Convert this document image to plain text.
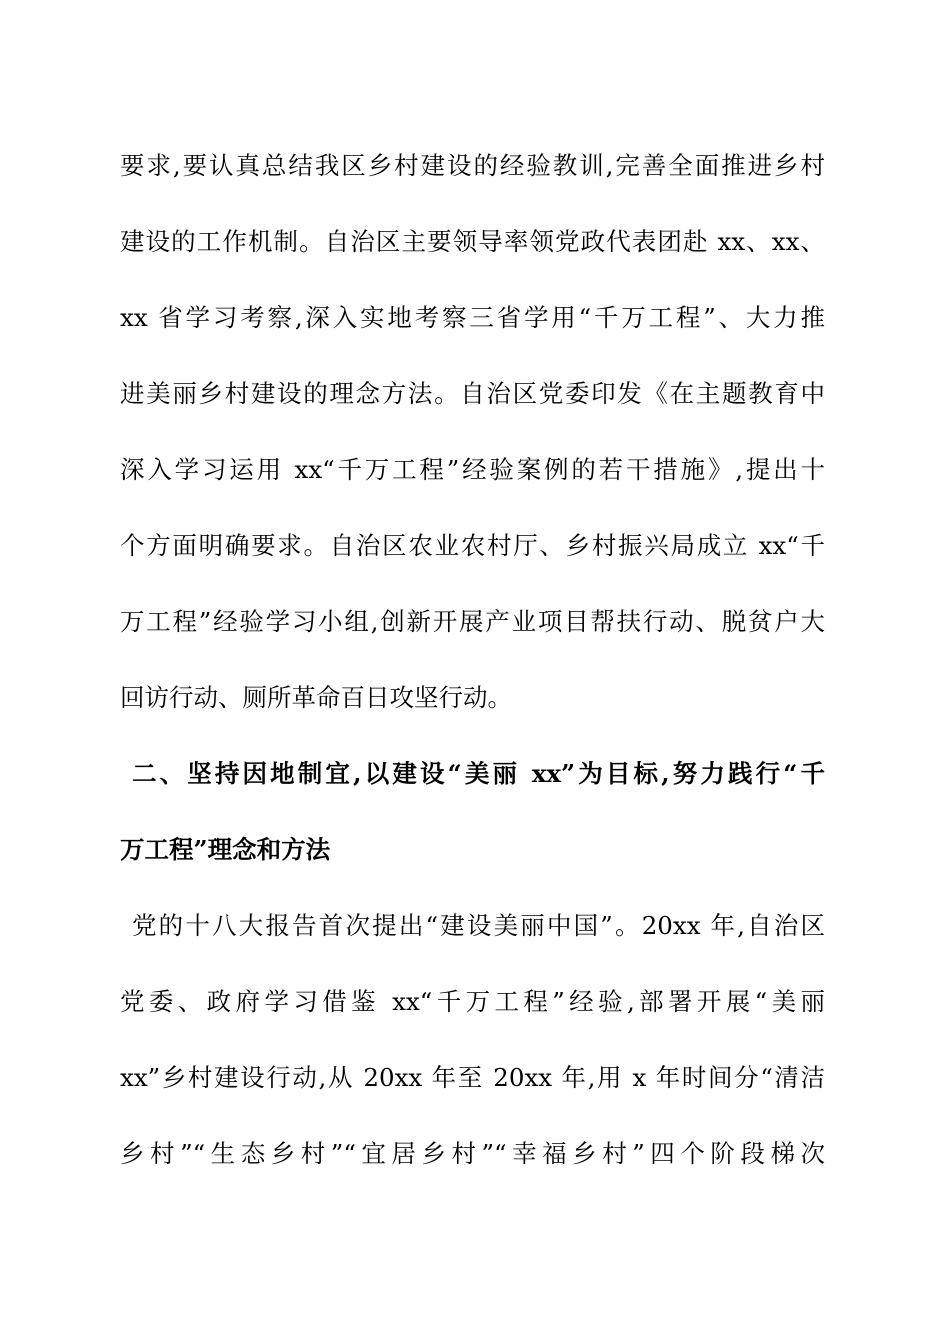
要求,要认真总结我区乡村建设的经验教训,完善全面推进乡村
建设的工作机制。自治区主要领导率领党政代表团赴 xx、xx、
xx 省学习考察,深入实地考察三省学用“千万工程”、大力推
进美丽乡村建设的理念方法。自治区党委印发《在主题教育中
深入学习运用 xx“千万工程”经验案例的若干措施》,提出十
个方面明确要求。自治区农业农村厅、乡村振兴局成立 xx“千
万工程”经验学习小组,创新开展产业项目帮扶行动、脱贫户大
回访行动、厕所革命百日攻坚行动。
二、坚持因地制宜,以建设“美丽 xx”为目标,努力践行“千
万工程”理念和方法
党的十八大报告首次提出“建设美丽中国”。20xx 年,自治区
党委、政府学习借鉴 xx“千万工程”经验,部署开展“美丽
xx”乡村建设行动,从 20xx 年至 20xx 年,用 x 年时间分“清洁
乡村”“生态乡村”“宜居乡村”“幸福乡村”四个阶段梯次
